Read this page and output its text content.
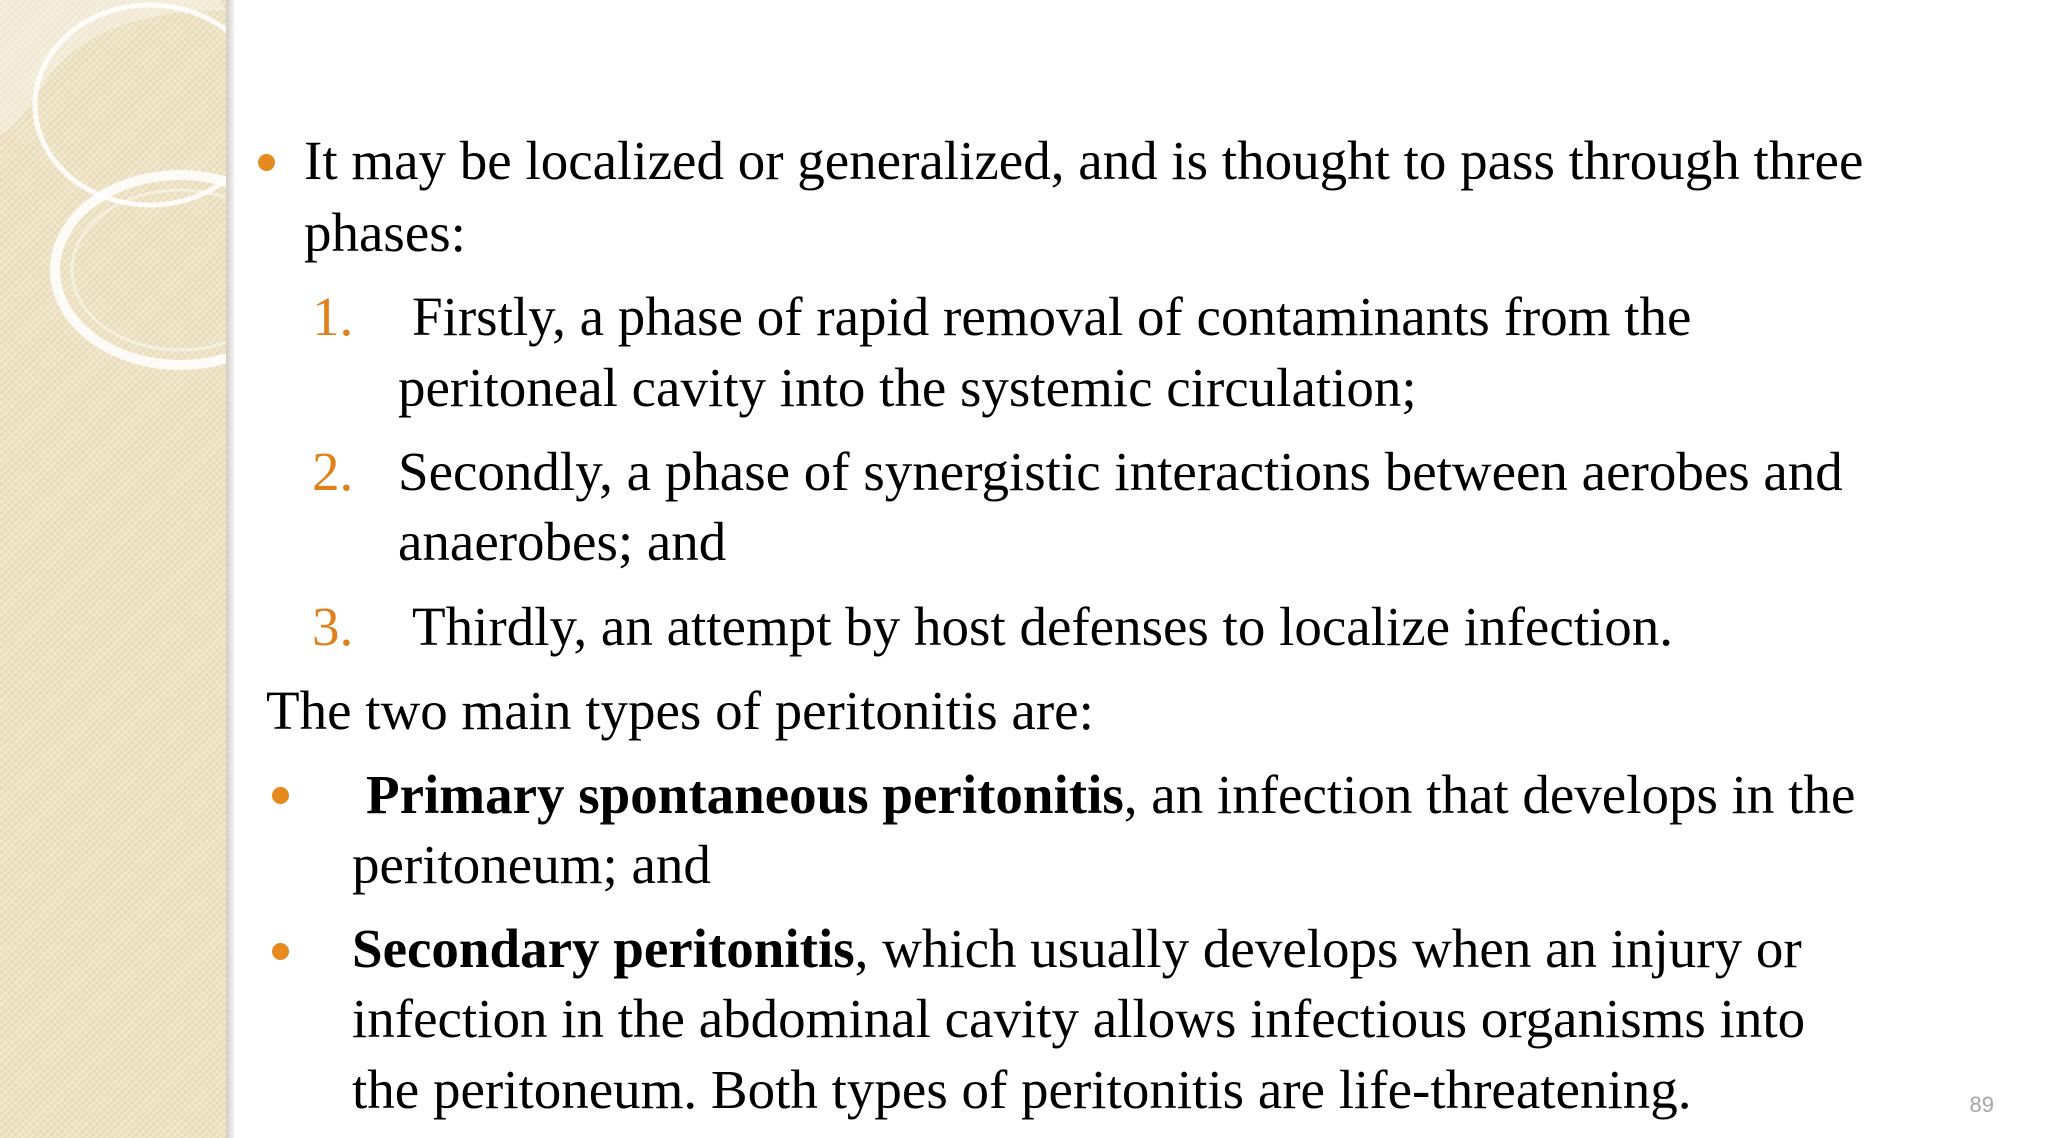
It may be localized or generalized, and is thought to pass through three

phases:

1. Firstly, a phase of rapid removal of contaminants from the

peritoneal cavity into the systemic circulation;

2. Secondly, a phase of synergistic interactions between aerobes and

anaerobes; and

3. Thirdly, an attempt by host defenses to localize infection.

The two main types of peritonitis are:

Primary spontaneous peritonitis, an infection that develops in the

peritoneum; and

Secondary peritonitis, which usually develops when an injury or

infection in the abdominal cavity allows infectious organisms into

the peritoneum. Both types of peritonitis are life-threatening.	89
